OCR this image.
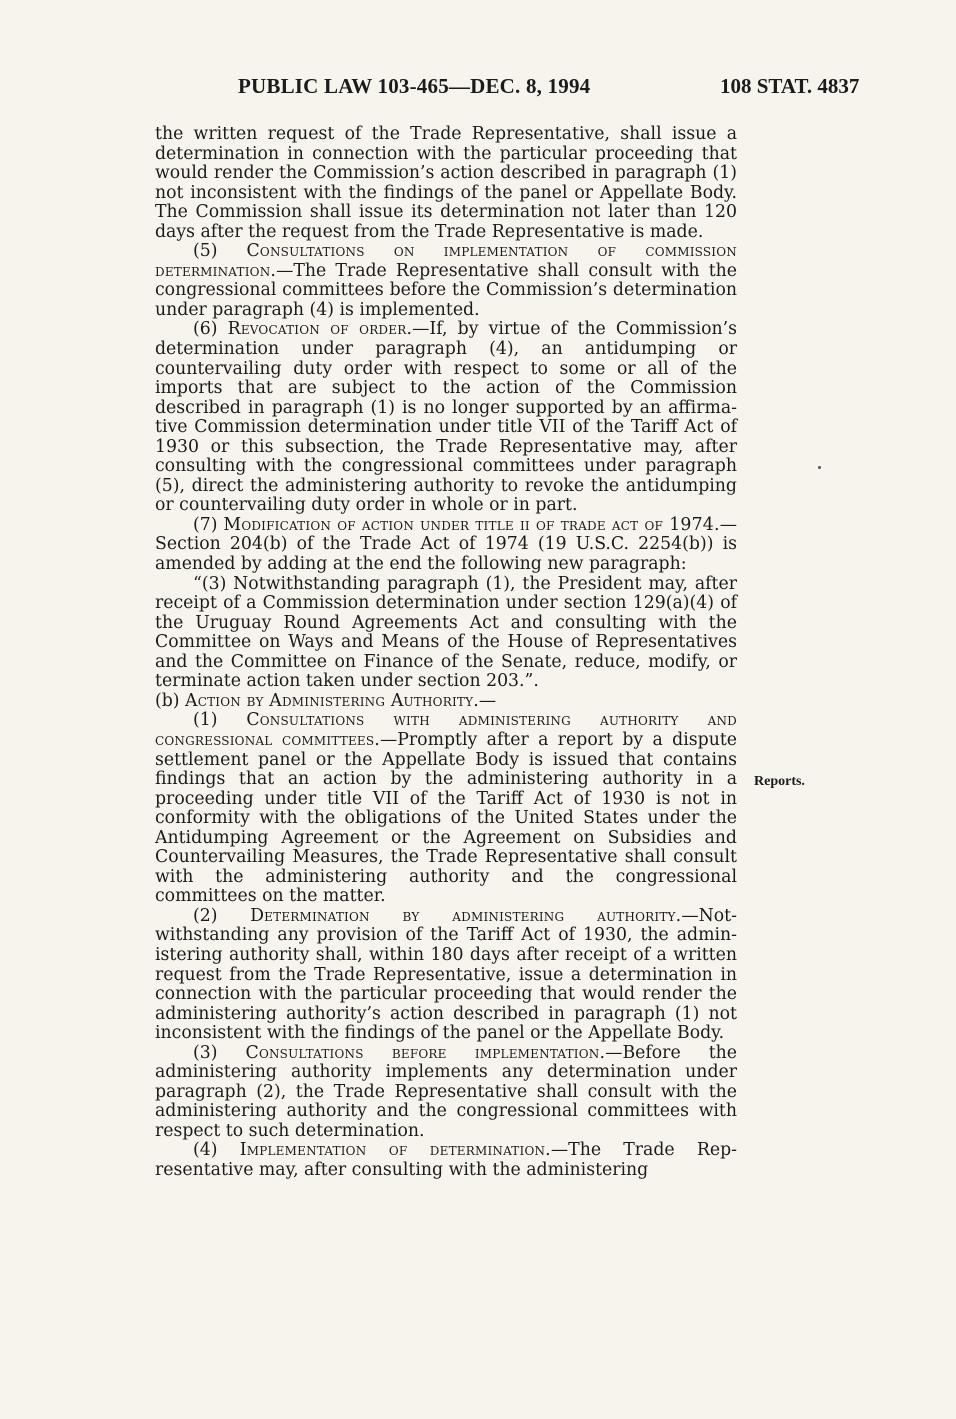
PUBLIC LAW 103-465—DEC. 8, 1994	108 STAT. 4837

the written request of the Trade Representative, shall issue a determination in connection with the particular proceeding that would render the Commission’s action described in paragraph (1) not inconsistent with the findings of the panel or Appellate Body. The Commission shall issue its determination not later than 120 days after the request from the Trade Representative is made.

(5) Consultations on implementation of commission determination.—The Trade Representative shall consult with the congressional committees before the Commission’s determination under paragraph (4) is implemented.

(6) Revocation of order.—If, by virtue of the Commission’s determination under paragraph (4), an antidumping or countervailing duty order with respect to some or all of the imports that are subject to the action of the Commission described in paragraph (1) is no longer supported by an affirmative Commission determination under title VII of the Tariff Act of 1930 or this subsection, the Trade Representative may, after consulting with the congressional committees under paragraph (5), direct the administering authority to revoke the antidumping or countervailing duty order in whole or in part.

(7) Modification of action under title ii of trade act of 1974.—Section 204(b) of the Trade Act of 1974 (19 U.S.C. 2254(b)) is amended by adding at the end the following new paragraph:

“(3) Notwithstanding paragraph (1), the President may, after receipt of a Commission determination under section 129(a)(4) of the Uruguay Round Agreements Act and consulting with the Committee on Ways and Means of the House of Representatives and the Committee on Finance of the Senate, reduce, modify, or terminate action taken under section 203.”.

(b) Action by Administering Authority.—

(1) Consultations with administering authority and congressional committees.—Promptly after a report by a dispute settlement panel or the Appellate Body is issued that contains findings that an action by the administering authority in a proceeding under title VII of the Tariff Act of 1930 is not in conformity with the obligations of the United States under the Antidumping Agreement or the Agreement on Subsidies and Countervailing Measures, the Trade Representative shall consult with the administering authority and the congressional committees on the matter.

(2) Determination by administering authority.—Notwithstanding any provision of the Tariff Act of 1930, the administering authority shall, within 180 days after receipt of a written request from the Trade Representative, issue a determination in connection with the particular proceeding that would render the administering authority’s action described in paragraph (1) not inconsistent with the findings of the panel or the Appellate Body.

(3) Consultations before implementation.—Before the administering authority implements any determination under paragraph (2), the Trade Representative shall consult with the administering authority and the congressional committees with respect to such determination.

(4) Implementation of determination.—The Trade Representative may, after consulting with the administering

Reports.
